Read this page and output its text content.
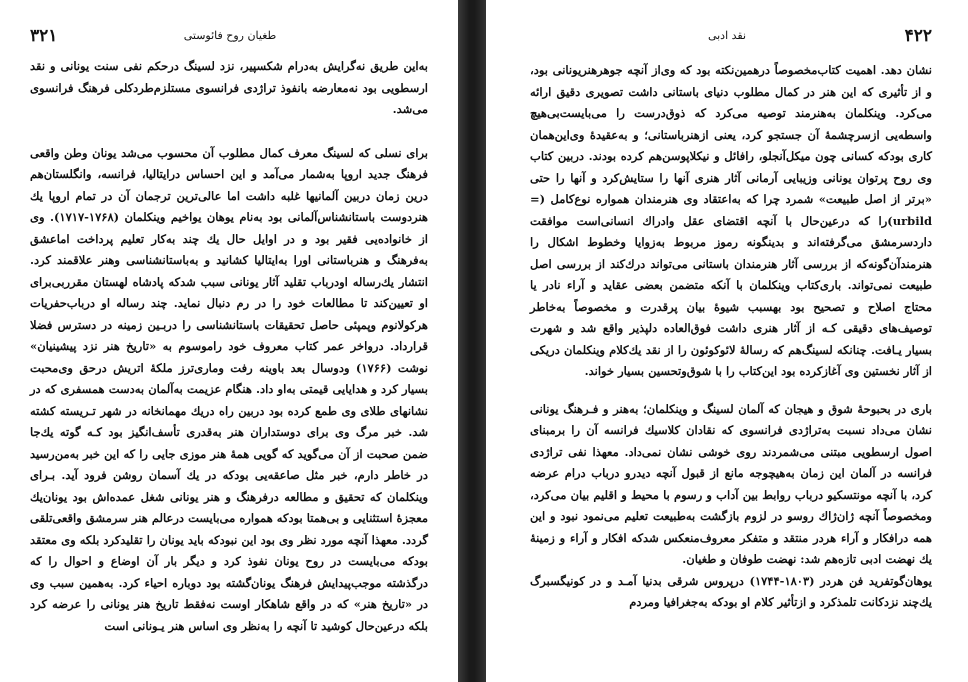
۳۲۱	طغیان روح فائوستی

به‌این طریق نه‌گرایش به‌درام شکسپیر، نزد لسینگ درحکم نفی سنت یونانی و نقد ارسطویی بود نه‌معارضه بانفوذ تراژدی فرانسوی مستلزم‌طردکلی فرهنگ فرانسوی می‌شد.

برای نسلی که لسینگ معرف کمال مطلوب آن محسوب می‌شد یونان وطن واقعی فرهنگ جدید اروپا به‌شمار می‌آمد و این احساس درایتالیا، فرانسه، وانگلستان‌هم درین زمان دربین آلمانیها غلبه داشت اما عالی‌ترین ترجمان آن در تمام اروپا یك هنردوست باستانشناس‌آلمانی بود به‌نام یوهان یواخیم وینکلمان (۱۷۶۸-۱۷۱۷). وی از خانواده‌یی فقیر بود و در اوایل حال یك چند به‌کار تعلیم پرداخت اماعشق به‌فرهنگ و هنرباستانی اورا به‌ایتالیا کشانید و به‌باستانشناسی وهنر علاقمند کرد. انتشار یك‌رساله اودرباب تقلید آثار یونانی سبب شدکه پادشاه لهستان مقرربی‌برای او تعیین‌کند تا مطالعات خود را در رم دنبال نماید. چند رساله او درباب‌حفریات هرکولانوم وپمپئی حاصل تحقیقات باستانشناسی را دربـین زمینه در دسترس فضلا قرارداد. درواخر عمر کتاب معروف خود راموسوم به «تاریخ هنر نزد پیشینیان» نوشت (۱۷۶۶) ودوسال بعد باوینه رفت وماری‌ترز ملکهٔ اتریش درحق وی‌محبت بسیار کرد و هدایایی قیمتی به‌او داد. هنگام عزیمت به‌آلمان به‌دست همسفری که در نشانهای طلای وی طمع کرده بود دربین راه دریك مهمانخانه در شهر تـریسته کشته شد. خبر مرگ وی برای دوستداران هنر به‌قدری تأسف‌انگیز بود کـه گوته یك‌جا ضمن صحبت از آن می‌گوید که گویی همهٔ هنر موزی جایی را که این خبر به‌من‌رسید در خاطر دارم، خبر مثل صاعقه‌یی بودکه در یك آسمان روشن فرود آید. بـرای وینکلمان که تحقیق و مطالعه درفرهنگ و هنر یونانی شغل عمده‌اش بود یونان‌یك معجزهٔ استثنایی و بی‌همتا بودکه همواره می‌بایست درعالم هنر سرمشق واقعی‌تلقی گردد. معهذا آنچه مورد نظر وی بود این نبودکه باید یونان را تقلیدکرد بلکه وی معتقد بودکه می‌بایست در روح یونان نفوذ کرد و دیگر بار آن اوضاع و احوال را که درگذشته موجب‌پیدایش فرهنگ یونان‌گشته بود دوباره احیاء کرد. به‌همین سبب وی در «تاریخ هنر» که در واقع شاهکار اوست نه‌فقط تاریخ هنر یونانی را عرضه کرد بلکه درعین‌حال کوشید تا آنچه را به‌نظر وی اساس هنر یـونانی است

۴۲۲
نقد ادبی

نشان دهد. اهمیت کتاب‌مخصوصاً درهمین‌نکته بود که وی‌از آنچه جوهرهنریونانی بود، و از تأثیری که این هنر در کمال مطلوب دنیای باستانی داشت تصویری دقیق ارائه می‌کرد. وینکلمان به‌هنرمند توصیه می‌کرد که ذوق‌درست را می‌بایست‌بی‌هیچ واسطه‌یی ازسرچشمهٔ آن جستجو کرد، یعنی ازهنرباستانی؛ و به‌عقیدهٔ وی‌این‌همان کاری بودکه کسانی چون میکل‌آنجلو، رافائل و نیکلاپوسن‌هم کرده بودند. دربین کتاب وی روح پرتوان یونانی وزیبایی آرمانی آثار هنری آنها را ستایش‌کرد و آنها را حتی «برتر از اصل طبیعت» شمرد چرا که به‌اعتقاد وی هنرمندان همواره نوع‌کامل (= urbild)را که درعین‌حال با آنچه اقتضای عقل وادراك انسانی‌است موافقت داردسرمشق می‌گرفته‌اند و بدینگونه رموز مربوط به‌زوایا وخطوط اشکال را هنرمندآن‌گونه‌که از بررسی آثار هنرمندان باستانی می‌تواند درك‌کند از بررسی اصل طبیعت نمی‌تواند. باری‌کتاب وینکلمان با آنکه متضمن بعضی عقاید و آراء نادر یا محتاج اصلاح و تصحیح بود بهسبب شیوهٔ بیان پرقدرت و مخصوصاً به‌خاطر توصیف‌های دقیقی کـه از آثار هنری داشت فوق‌العاده دلپذیر واقع شد و شهرت بسیار یـافت. چنانکه لسینگ‌هم که رسالهٔ لائوکوئون را از نقد یك‌کلام وینکلمان دریکی از آثار نخستین وی آغازکرده بود این‌کتاب را با شوق‌وتحسین بسیار خواند.

باری در بحبوحهٔ شوق و هیجان که آلمان لسینگ و وینکلمان؛ به‌هنر و فـرهنگ یونانی نشان می‌داد نسبت به‌تراژدی فرانسوی که نقادان کلاسیك فرانسه آن را برمبنای اصول ارسطویی مبتنی می‌شمردند روی خوشی نشان نمی‌داد. معهذا نفی تراژدی فرانسه در آلمان این زمان به‌هیچوجه مانع از قبول آنچه دیدرو درباب درام عرضه کرد، با آنچه مونتسکیو درباب روابط بین آداب و رسوم با محیط و اقلیم بیان می‌کرد، ومخصوصاً آنچه ژان‌ژاك روسو در لزوم بازگشت به‌طبیعت تعلیم می‌نمود نبود و این همه درافکار و آراء هردر منتقد و متفکر معروف‌منعکس شدکه افکار و آراء و زمینهٔ یك نهضت ادبی تازه‌هم شد: نهضت طوفان و طغیان.

یوهان‌گوتفرید فن هردر (۱۸۰۳-۱۷۴۴) درپروس شرقی بدنیا آمـد و در کونیگسبرگ یك‌چند نزدکانت تلمذکرد و ازتأثیر کلام او بودکه به‌جغرافیا ومردم‌
